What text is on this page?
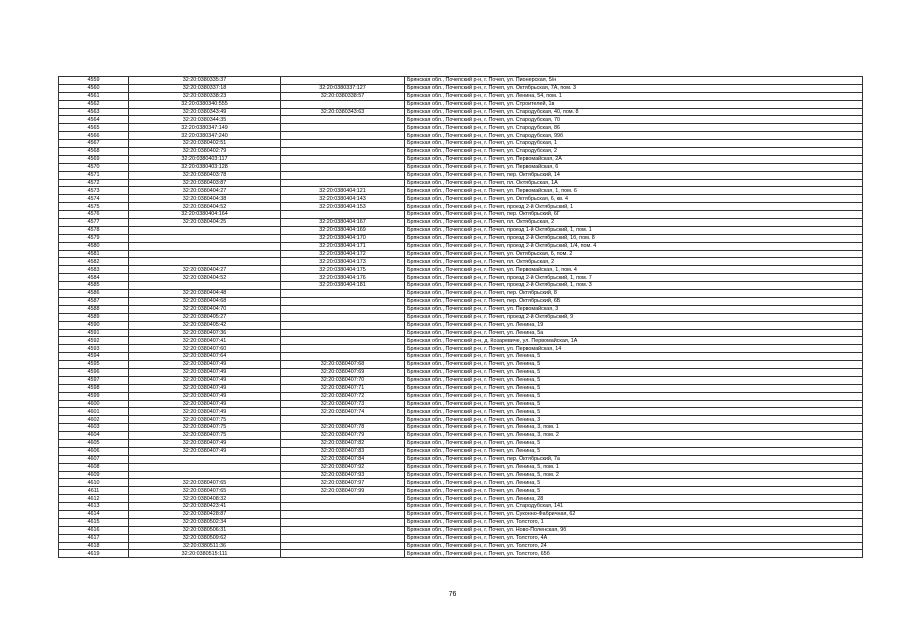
4559	32:20:0380335:37		Брянская обл., Почепский р-н, г. Почеп, ул. Пионерская, 5/н
4560	32:20:0380337:18	32:20:0380337:127	Брянская обл., Почепский р-н, г. Почеп, ул. Октябрьская, 7А, пом. 3
4561	32:20:0380338:23	32:20:0380338:57	Брянская обл., Почепский р-н, г. Почеп, ул. Ленина, 54, пом. 1
4562	32:20:0380340:555		Брянская обл., Почепский р-н, г. Почеп, ул. Строителей, 1в
4563	32:20:0380343:49	32:20:0380343:63	Брянская обл., Почепский р-н, г. Почеп, ул. Стародубская, 40, пом. 8
4564	32:20:0380344:35		Брянская обл., Почепский р-н, г. Почеп, ул. Стародубская, 70
4565	32:20:0380347:149		Брянская обл., Почепский р-н, г. Почеп, ул. Стародубская, 86
4566	32:20:0380347:240		Брянская обл., Почепский р-н, г. Почеп, ул. Стародубская, 99б
4567	32:20:0380402:51		Брянская обл., Почепский р-н, г. Почеп, ул. Стародубская, 1
4568	32:20:0380402:79		Брянская обл., Почепский р-н, г. Почеп, ул. Стародубская, 2
4569	32:20:0380403:117		Брянская обл., Почепский р-н, г. Почеп, ул. Первомайская, 2А
4570	32:20:0380403:128		Брянская обл., Почепский р-н, г. Почеп, ул. Первомайская, 6
4571	32:20:0380403:78		Брянская обл., Почепский р-н, г. Почеп, пер. Октябрьский, 14
4572	32:20:0380403:87		Брянская обл., Почепский р-н, г. Почеп, пл. Октябрьская, 1А
4573	32:20:0380404:27	32:20:0380404:121	Брянская обл., Почепский р-н, г. Почеп, ул. Первомайская, 1, пом. 6
4574	32:20:0380404:38	32:20:0380404:143	Брянская обл., Почепский р-н, г. Почеп, ул. Октябрьская, 6, кв. 4
4575	32:20:0380404:52	32:20:0380404:153	Брянская обл., Почепский р-н, г. Почеп, проезд 2-й Октябрьский, 1
4576	32:20:0380404:164		Брянская обл., Почепский р-н, г. Почеп, пер. Октябрьский, 6Г
4577	32:20:0380404:25	32:20:0380404:167	Брянская обл., Почепский р-н, г. Почеп, пл. Октябрьская, 2
4578		32:20:0380404:169	Брянская обл., Почепский р-н, г. Почеп, проезд 1-й Октябрьский, 1, пом. 1
4579		32:20:0380404:170	Брянская обл., Почепский р-н, г. Почеп, проезд 2-й Октябрьский, 1б, пом. 8
4580		32:20:0380404:171	Брянская обл., Почепский р-н, г. Почеп, проезд 2-й Октябрьский, 1/4, пом. 4
4581		32:20:0380404:172	Брянская обл., Почепский р-н, г. Почеп, ул. Октябрьская, 6, пом. 2
4582		32:20:0380404:173	Брянская обл., Почепский р-н, г. Почеп, пл. Октябрьская, 2
4583	32:20:0380404:27	32:20:0380404:175	Брянская обл., Почепский р-н, г. Почеп, ул. Первомайская, 1, пом. 4
4584	32:20:0380404:52	32:20:0380404:176	Брянская обл., Почепский р-н, г. Почеп, проезд 2-й Октябрьский, 1, пом. 7
4585		32:20:0380404:181	Брянская обл., Почепский р-н, г. Почеп, проезд 2-й Октябрьский, 1, пом. 3
4586	32:20:0380404:48		Брянская обл., Почепский р-н, г. Почеп, пер. Октябрьский, 8
4587	32:20:0380404:68		Брянская обл., Почепский р-н, г. Почеп, пер. Октябрьский, 6Б
4588	32:20:0380404:70		Брянская обл., Почепский р-н, г. Почеп, ул. Первомайская, 3
4589	32:20:0380405:27		Брянская обл., Почепский р-н, г. Почеп, проезд 2-й Октябрьский, 9
4590	32:20:0380405:42		Брянская обл., Почепский р-н, г. Почеп, ул. Ленина, 19
4591	32:20:0380407:36		Брянская обл., Почепский р-н, г. Почеп, ул. Ленина, 5а
4592	32:20:0380407:41		Брянская обл., Почепский р-н, д. Козаревиче, ул. Первомайская, 1А
4593	32:20:0380407:60		Брянская обл., Почепский р-н, г. Почеп, ул. Первомайская, 14
4594	32:20:0380407:64		Брянская обл., Почепский р-н, г. Почеп, ул. Ленина, 5
4595	32:20:0380407:49	32:20:0380407:68	Брянская обл., Почепский р-н, г. Почеп, ул. Ленина, 5
4596	32:20:0380407:49	32:20:0380407:69	Брянская обл., Почепский р-н, г. Почеп, ул. Ленина, 5
4597	32:20:0380407:49	32:20:0380407:70	Брянская обл., Почепский р-н, г. Почеп, ул. Ленина, 5
4598	32:20:0380407:49	32:20:0380407:71	Брянская обл., Почепский р-н, г. Почеп, ул. Ленина, 5
4599	32:20:0380407:49	32:20:0380407:72	Брянская обл., Почепский р-н, г. Почеп, ул. Ленина, 5
4600	32:20:0380407:49	32:20:0380407:73	Брянская обл., Почепский р-н, г. Почеп, ул. Ленина, 5
4601	32:20:0380407:49	32:20:0380407:74	Брянская обл., Почепский р-н, г. Почеп, ул. Ленина, 5
4602	32:20:0380407:75		Брянская обл., Почепский р-н, г. Почеп, ул. Ленина, 3
4603	32:20:0380407:75	32:20:0380407:78	Брянская обл., Почепский р-н, г. Почеп, ул. Ленина, 3, пом. 1
4604	32:20:0380407:75	32:20:0380407:79	Брянская обл., Почепский р-н, г. Почеп, ул. Ленина, 3, пом. 2
4605	32:20:0380407:49	32:20:0380407:82	Брянская обл., Почепский р-н, г. Почеп, ул. Ленина, 5
4606	32:20:0380407:49	32:20:0380407:83	Брянская обл., Почепский р-н, г. Почеп, ул. Ленина, 5
4607		32:20:0380407:84	Брянская обл., Почепский р-н, г. Почеп, пер. Октябрьский, 7а
4608		32:20:0380407:92	Брянская обл., Почепский р-н, г. Почеп, ул. Ленина, 5, пом. 1
4609		32:20:0380407:93	Брянская обл., Почепский р-н, г. Почеп, ул. Ленина, 5, пом. 2
4610	32:20:0380407:65	32:20:0380407:97	Брянская обл., Почепский р-н, г. Почеп, ул. Ленина, 5
4611	32:20:0380407:65	32:20:0380407:99	Брянская обл., Почепский р-н, г. Почеп, ул. Ленина, 5
4612	32:20:0380408:32		Брянская обл., Почепский р-н, г. Почеп, ул. Ленина, 28
4613	32:20:0380423:41		Брянская обл., Почепский р-н, г. Почеп, ул. Стародубская, 141
4614	32:20:0380428:87		Брянская обл., Почепский р-н, г. Почеп, ул. Суконно-Фабричная, 62
4615	32:20:0380502:34		Брянская обл., Почепский р-н, г. Почеп, ул. Толстого, 1
4616	32:20:0380506:31		Брянская обл., Почепский р-н, г. Почеп, ул. Ново-Поленская, 9б
4617	32:20:0380509:62		Брянская обл., Почепский р-н, г. Почеп, ул. Толстого, 4А
4618	32:20:0380511:36		Брянская обл., Почепский р-н, г. Почеп, ул. Толстого, 24
4619	32:20:0380515:111		Брянская обл., Почепский р-н, г. Почеп, ул. Толстого, 65б
76
